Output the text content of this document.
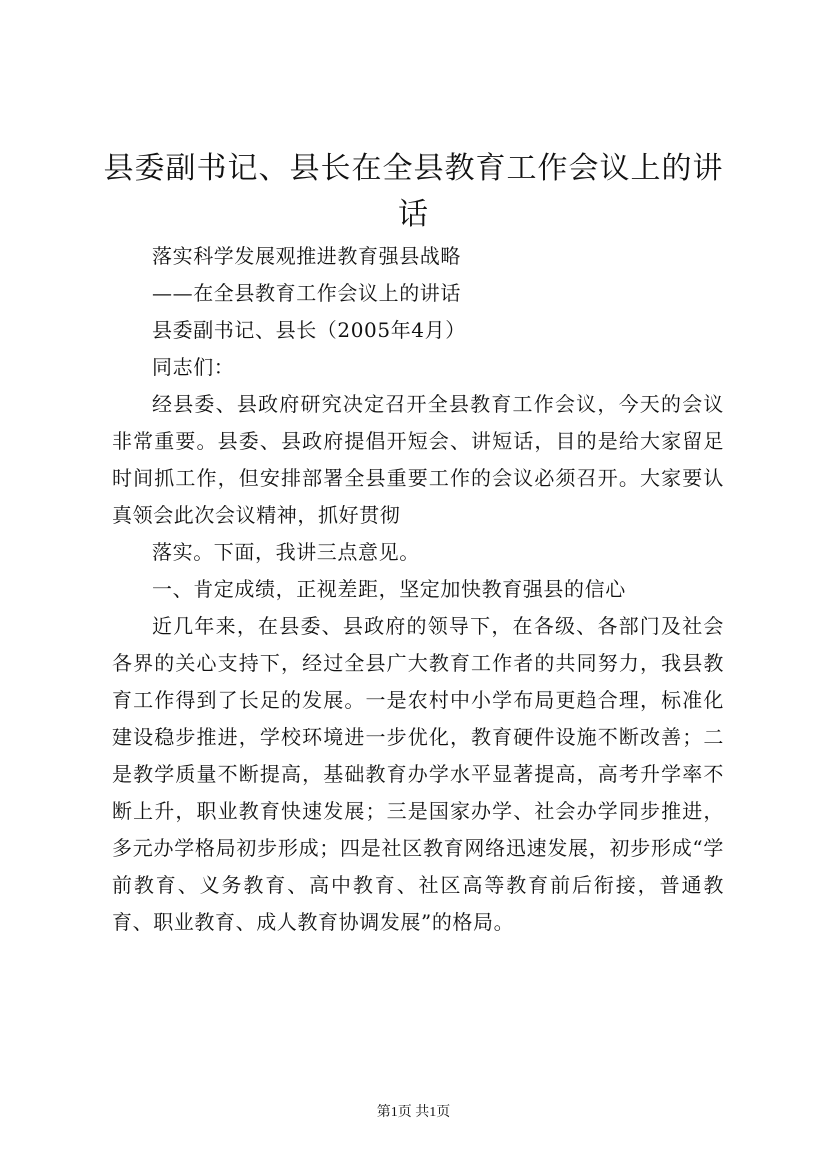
县委副书记、县长在全县教育工作会议上的讲话

落实科学发展观推进教育强县战略

——在全县教育工作会议上的讲话

县委副书记、县长（2005年4月）

同志们：

经县委、县政府研究决定召开全县教育工作会议，今天的会议非常重要。县委、县政府提倡开短会、讲短话，目的是给大家留足时间抓工作，但安排部署全县重要工作的会议必须召开。大家要认真领会此次会议精神，抓好贯彻

落实。下面，我讲三点意见。

一、肯定成绩，正视差距，坚定加快教育强县的信心

近几年来，在县委、县政府的领导下，在各级、各部门及社会各界的关心支持下，经过全县广大教育工作者的共同努力，我县教育工作得到了长足的发展。一是农村中小学布局更趋合理，标准化建设稳步推进，学校环境进一步优化，教育硬件设施不断改善；二是教学质量不断提高，基础教育办学水平显著提高，高考升学率不断上升，职业教育快速发展；三是国家办学、社会办学同步推进，多元办学格局初步形成；四是社区教育网络迅速发展，初步形成“学前教育、义务教育、高中教育、社区高等教育前后衔接，普通教育、职业教育、成人教育协调发展”的格局。

第1页 共1页
